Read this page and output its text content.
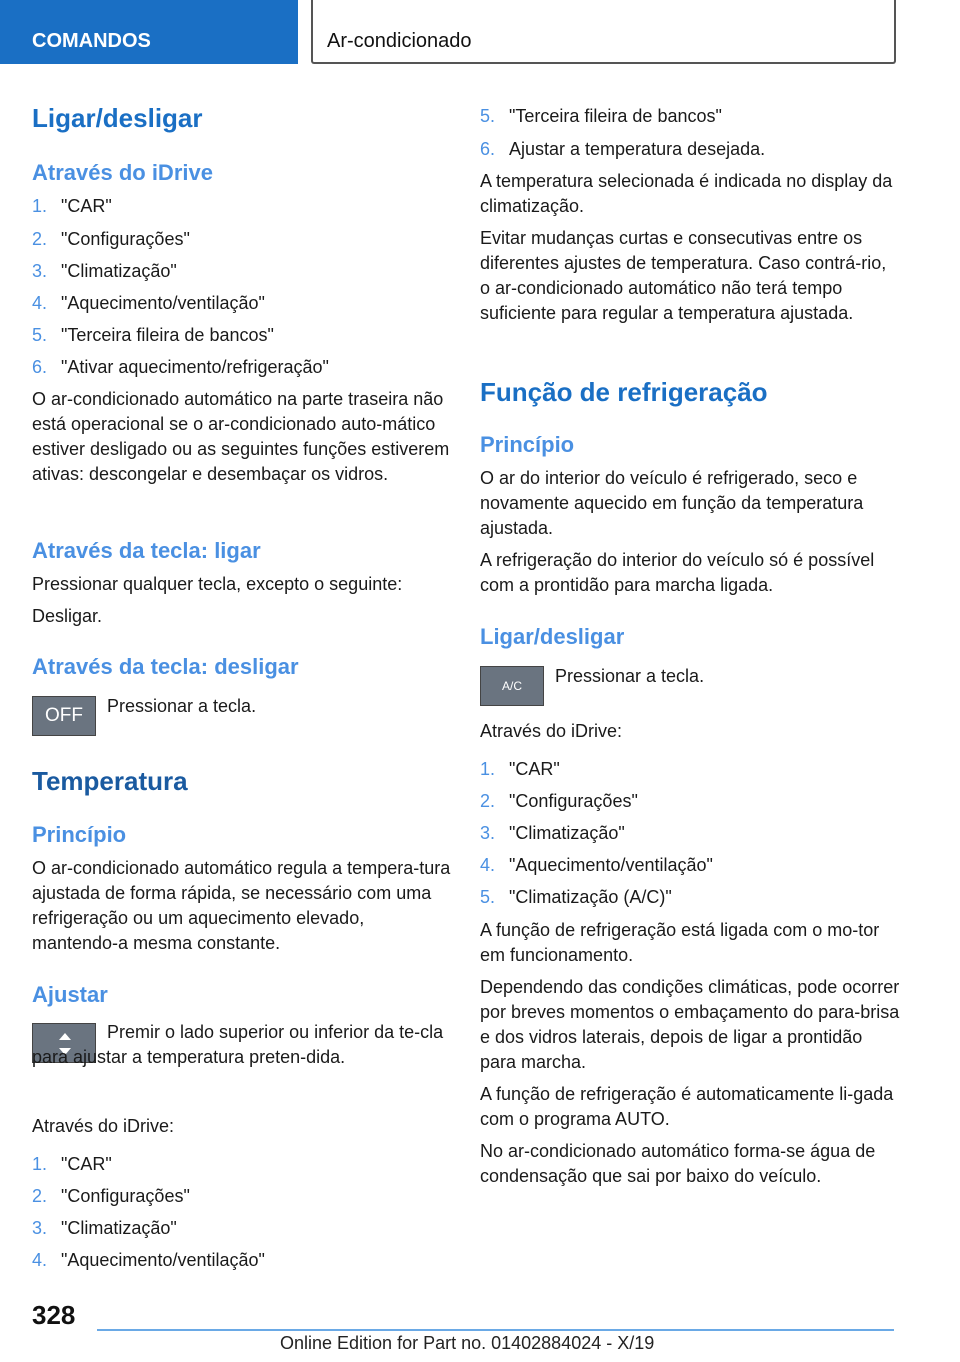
COMANDOS	Ar-condicionado
Ligar/desligar
Através do iDrive
1. "CAR"
2. "Configurações"
3. "Climatização"
4. "Aquecimento/ventilação"
5. "Terceira fileira de bancos"
6. "Ativar aquecimento/refrigeração"
O ar-condicionado automático na parte traseira não está operacional se o ar-condicionado auto‐mático estiver desligado ou as seguintes funções estiverem ativas: descongelar e desembaçar os vidros.
Através da tecla: ligar
Pressionar qualquer tecla, excepto o seguinte:
Desligar.
Através da tecla: desligar
OFF	Pressionar a tecla.
Temperatura
Princípio
O ar-condicionado automático regula a tempera‐tura ajustada de forma rápida, se necessário com uma refrigeração ou um aquecimento elevado, mantendo-a mesma constante.
Ajustar
Premir o lado superior ou inferior da te‐cla para ajustar a temperatura preten‐dida.
Através do iDrive:
1. "CAR"
2. "Configurações"
3. "Climatização"
4. "Aquecimento/ventilação"
5. "Terceira fileira de bancos"
6. Ajustar a temperatura desejada.
A temperatura selecionada é indicada no display da climatização.
Evitar mudanças curtas e consecutivas entre os diferentes ajustes de temperatura. Caso contrá‐rio, o ar-condicionado automático não terá tempo suficiente para regular a temperatura ajustada.
Função de refrigeração
Princípio
O ar do interior do veículo é refrigerado, seco e novamente aquecido em função da temperatura ajustada.
A refrigeração do interior do veículo só é possível com a prontidão para marcha ligada.
Ligar/desligar
A/C	Pressionar a tecla.
Através do iDrive:
1. "CAR"
2. "Configurações"
3. "Climatização"
4. "Aquecimento/ventilação"
5. "Climatização (A/C)"
A função de refrigeração está ligada com o mo‐tor em funcionamento.
Dependendo das condições climáticas, pode ocorrer por breves momentos o embaçamento do para-brisa e dos vidros laterais, depois de ligar a prontidão para marcha.
A função de refrigeração é automaticamente li‐gada com o programa AUTO.
No ar-condicionado automático forma-se água de condensação que sai por baixo do veículo.
328
Online Edition for Part no. 01402884024 - X/19
